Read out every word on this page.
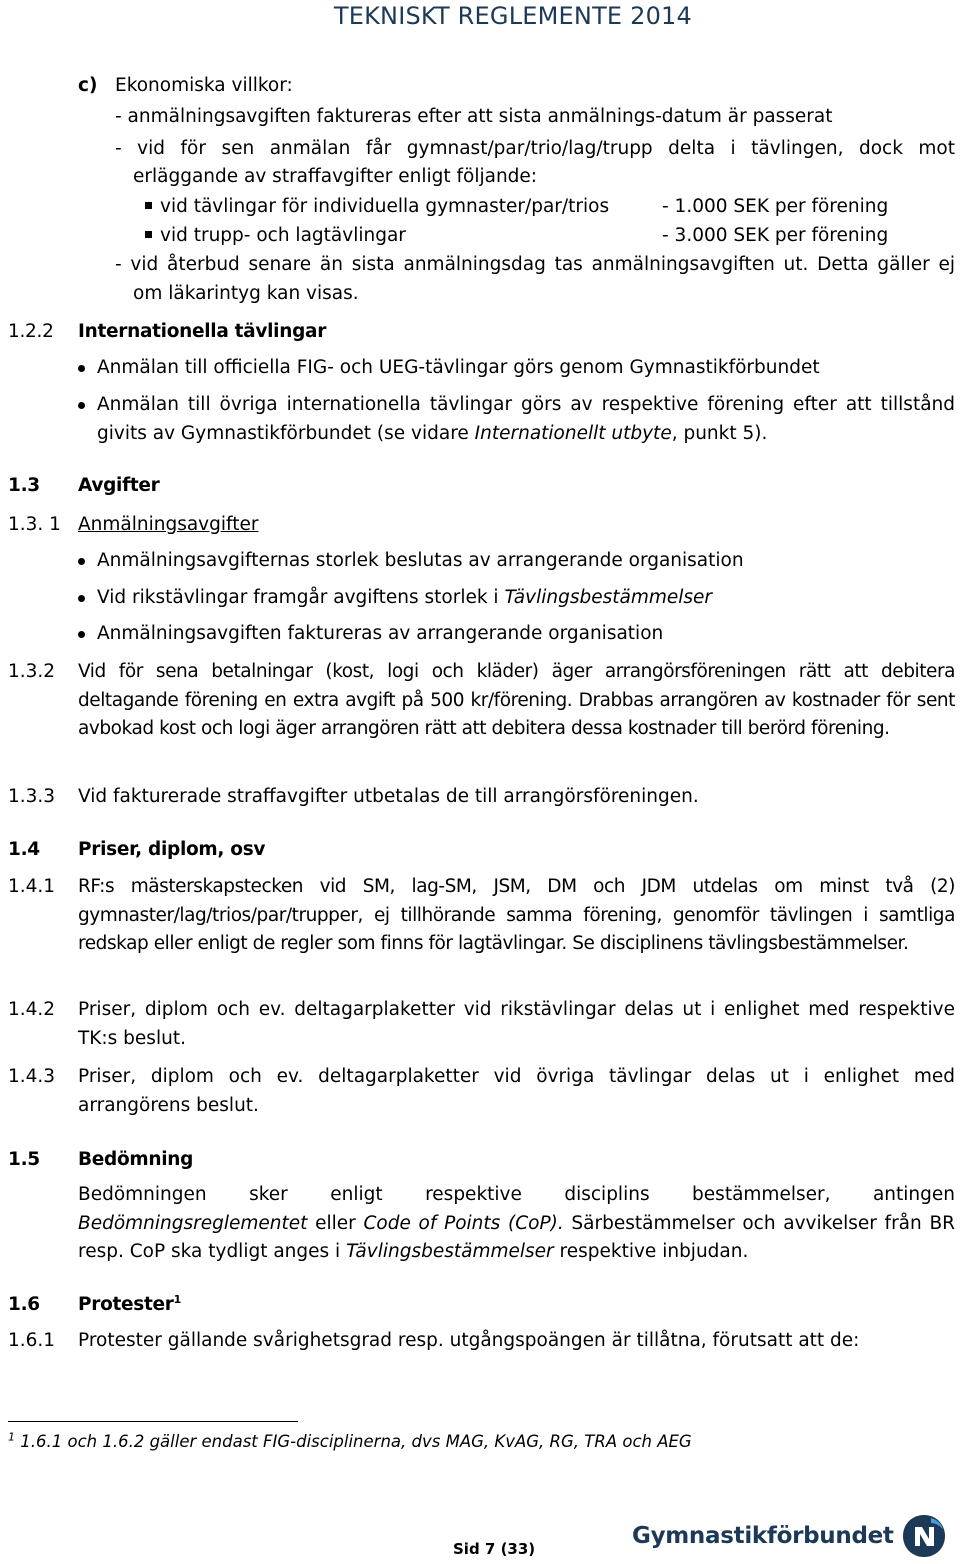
TEKNISKT REGLEMENTE 2014
c) Ekonomiska villkor:
- anmälningsavgiften faktureras efter att sista anmälnings-datum är passerat
- vid för sen anmälan får gymnast/par/trio/lag/trupp delta i tävlingen, dock mot
erläggande av straffavgifter enligt följande:
vid tävlingar för individuella gymnaster/par/trios	- 1.000 SEK per förening
vid trupp- och lagtävlingar	- 3.000 SEK per förening
- vid återbud senare än sista anmälningsdag tas anmälningsavgiften ut. Detta gäller ej
om läkarintyg kan visas.
1.2.2 Internationella tävlingar
Anmälan till officiella FIG- och UEG-tävlingar görs genom Gymnastikförbundet
Anmälan till övriga internationella tävlingar görs av respektive förening efter att tillstånd givits av Gymnastikförbundet (se vidare Internationellt utbyte, punkt 5).
1.3 Avgifter
1.3. 1 Anmälningsavgifter
Anmälningsavgifternas storlek beslutas av arrangerande organisation
Vid rikstävlingar framgår avgiftens storlek i Tävlingsbestämmelser
Anmälningsavgiften faktureras av arrangerande organisation
1.3.2 Vid för sena betalningar (kost, logi och kläder) äger arrangörsföreningen rätt att debitera deltagande förening en extra avgift på 500 kr/förening. Drabbas arrangören av kostnader för sent avbokad kost och logi äger arrangören rätt att debitera dessa kostnader till berörd förening.
1.3.3 Vid fakturerade straffavgifter utbetalas de till arrangörsföreningen.
1.4 Priser, diplom, osv
1.4.1 RF:s mästerskapstecken vid SM, lag-SM, JSM, DM och JDM utdelas om minst två (2) gymnaster/lag/trios/par/trupper, ej tillhörande samma förening, genomför tävlingen i samtliga redskap eller enligt de regler som finns för lagtävlingar. Se disciplinens tävlingsbestämmelser.
1.4.2 Priser, diplom och ev. deltagarplaketter vid rikstävlingar delas ut i enlighet med respektive TK:s beslut.
1.4.3 Priser, diplom och ev. deltagarplaketter vid övriga tävlingar delas ut i enlighet med arrangörens beslut.
1.5 Bedömning
Bedömningen sker enligt respektive disciplins bestämmelser, antingen Bedömningsreglementet eller Code of Points (CoP). Särbestämmelser och avvikelser från BR resp. CoP ska tydligt anges i Tävlingsbestämmelser respektive inbjudan.
1.6 Protester$^1$
1.6.1 Protester gällande svårighetsgrad resp. utgångspoängen är tillåtna, förutsatt att de:
$^1$ 1.6.1 och 1.6.2 gäller endast FIG-disciplinerna, dvs MAG, KvAG, RG, TRA och AEG
Gymnastikförbundet
Sid 7 (33)
